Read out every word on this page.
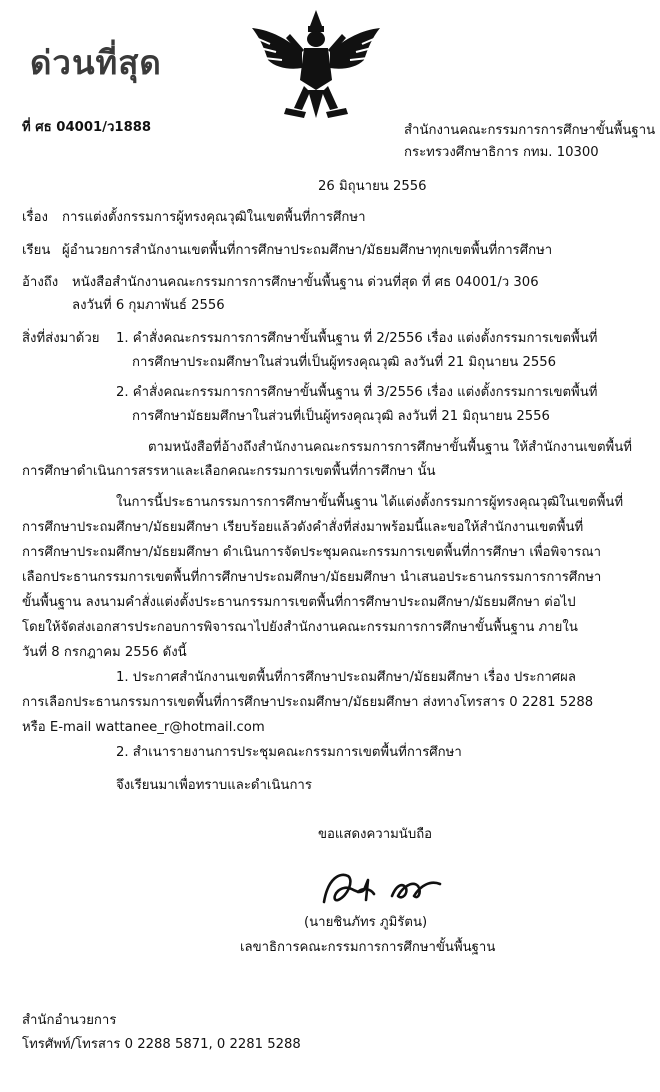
ด่วนที่สุด
ที่ ศธ 04001/ว1888	สำนักงานคณะกรรมการการศึกษาขั้นพื้นฐาน
กระทรวงศึกษาธิการ กทม. 10300
26 มิถุนายน 2556
เรื่อง การแต่งตั้งกรรมการผู้ทรงคุณวุฒิในเขตพื้นที่การศึกษา
เรียน ผู้อำนวยการสำนักงานเขตพื้นที่การศึกษาประถมศึกษา/มัธยมศึกษาทุกเขตพื้นที่การศึกษา
อ้างถึง หนังสือสำนักงานคณะกรรมการการศึกษาขั้นพื้นฐาน ด่วนที่สุด ที่ ศธ 04001/ว 306
ลงวันที่ 6 กุมภาพันธ์ 2556
สิ่งที่ส่งมาด้วย 1. คำสั่งคณะกรรมการการศึกษาขั้นพื้นฐาน ที่ 2/2556 เรื่อง แต่งตั้งกรรมการเขตพื้นที่
การศึกษาประถมศึกษาในส่วนที่เป็นผู้ทรงคุณวุฒิ ลงวันที่ 21 มิถุนายน 2556
2. คำสั่งคณะกรรมการการศึกษาขั้นพื้นฐาน ที่ 3/2556 เรื่อง แต่งตั้งกรรมการเขตพื้นที่
การศึกษามัธยมศึกษาในส่วนที่เป็นผู้ทรงคุณวุฒิ ลงวันที่ 21 มิถุนายน 2556
ตามหนังสือที่อ้างถึงสำนักงานคณะกรรมการการศึกษาขั้นพื้นฐาน ให้สำนักงานเขตพื้นที่
การศึกษาดำเนินการสรรหาและเลือกคณะกรรมการเขตพื้นที่การศึกษา นั้น
ในการนี้ประธานกรรมการการศึกษาขั้นพื้นฐาน ได้แต่งตั้งกรรมการผู้ทรงคุณวุฒิในเขตพื้นที่
การศึกษาประถมศึกษา/มัธยมศึกษา เรียบร้อยแล้วดังคำสั่งที่ส่งมาพร้อมนี้และขอให้สำนักงานเขตพื้นที่
การศึกษาประถมศึกษา/มัธยมศึกษา ดำเนินการจัดประชุมคณะกรรมการเขตพื้นที่การศึกษา เพื่อพิจารณา
เลือกประธานกรรมการเขตพื้นที่การศึกษาประถมศึกษา/มัธยมศึกษา นำเสนอประธานกรรมการการศึกษา
ขั้นพื้นฐาน ลงนามคำสั่งแต่งตั้งประธานกรรมการเขตพื้นที่การศึกษาประถมศึกษา/มัธยมศึกษา ต่อไป
โดยให้จัดส่งเอกสารประกอบการพิจารณาไปยังสำนักงานคณะกรรมการการศึกษาขั้นพื้นฐาน ภายใน
วันที่ 8 กรกฎาคม 2556 ดังนี้
1. ประกาศสำนักงานเขตพื้นที่การศึกษาประถมศึกษา/มัธยมศึกษา เรื่อง ประกาศผล
การเลือกประธานกรรมการเขตพื้นที่การศึกษาประถมศึกษา/มัธยมศึกษา ส่งทางโทรสาร 0 2281 5288
หรือ E-mail wattanee_r@hotmail.com
2. สำเนารายงานการประชุมคณะกรรมการเขตพื้นที่การศึกษา
จึงเรียนมาเพื่อทราบและดำเนินการ
ขอแสดงความนับถือ
(นายชินภัทร ภูมิรัตน)
เลขาธิการคณะกรรมการการศึกษาขั้นพื้นฐาน
สำนักอำนวยการ
โทรศัพท์/โทรสาร 0 2288 5871, 0 2281 5288
